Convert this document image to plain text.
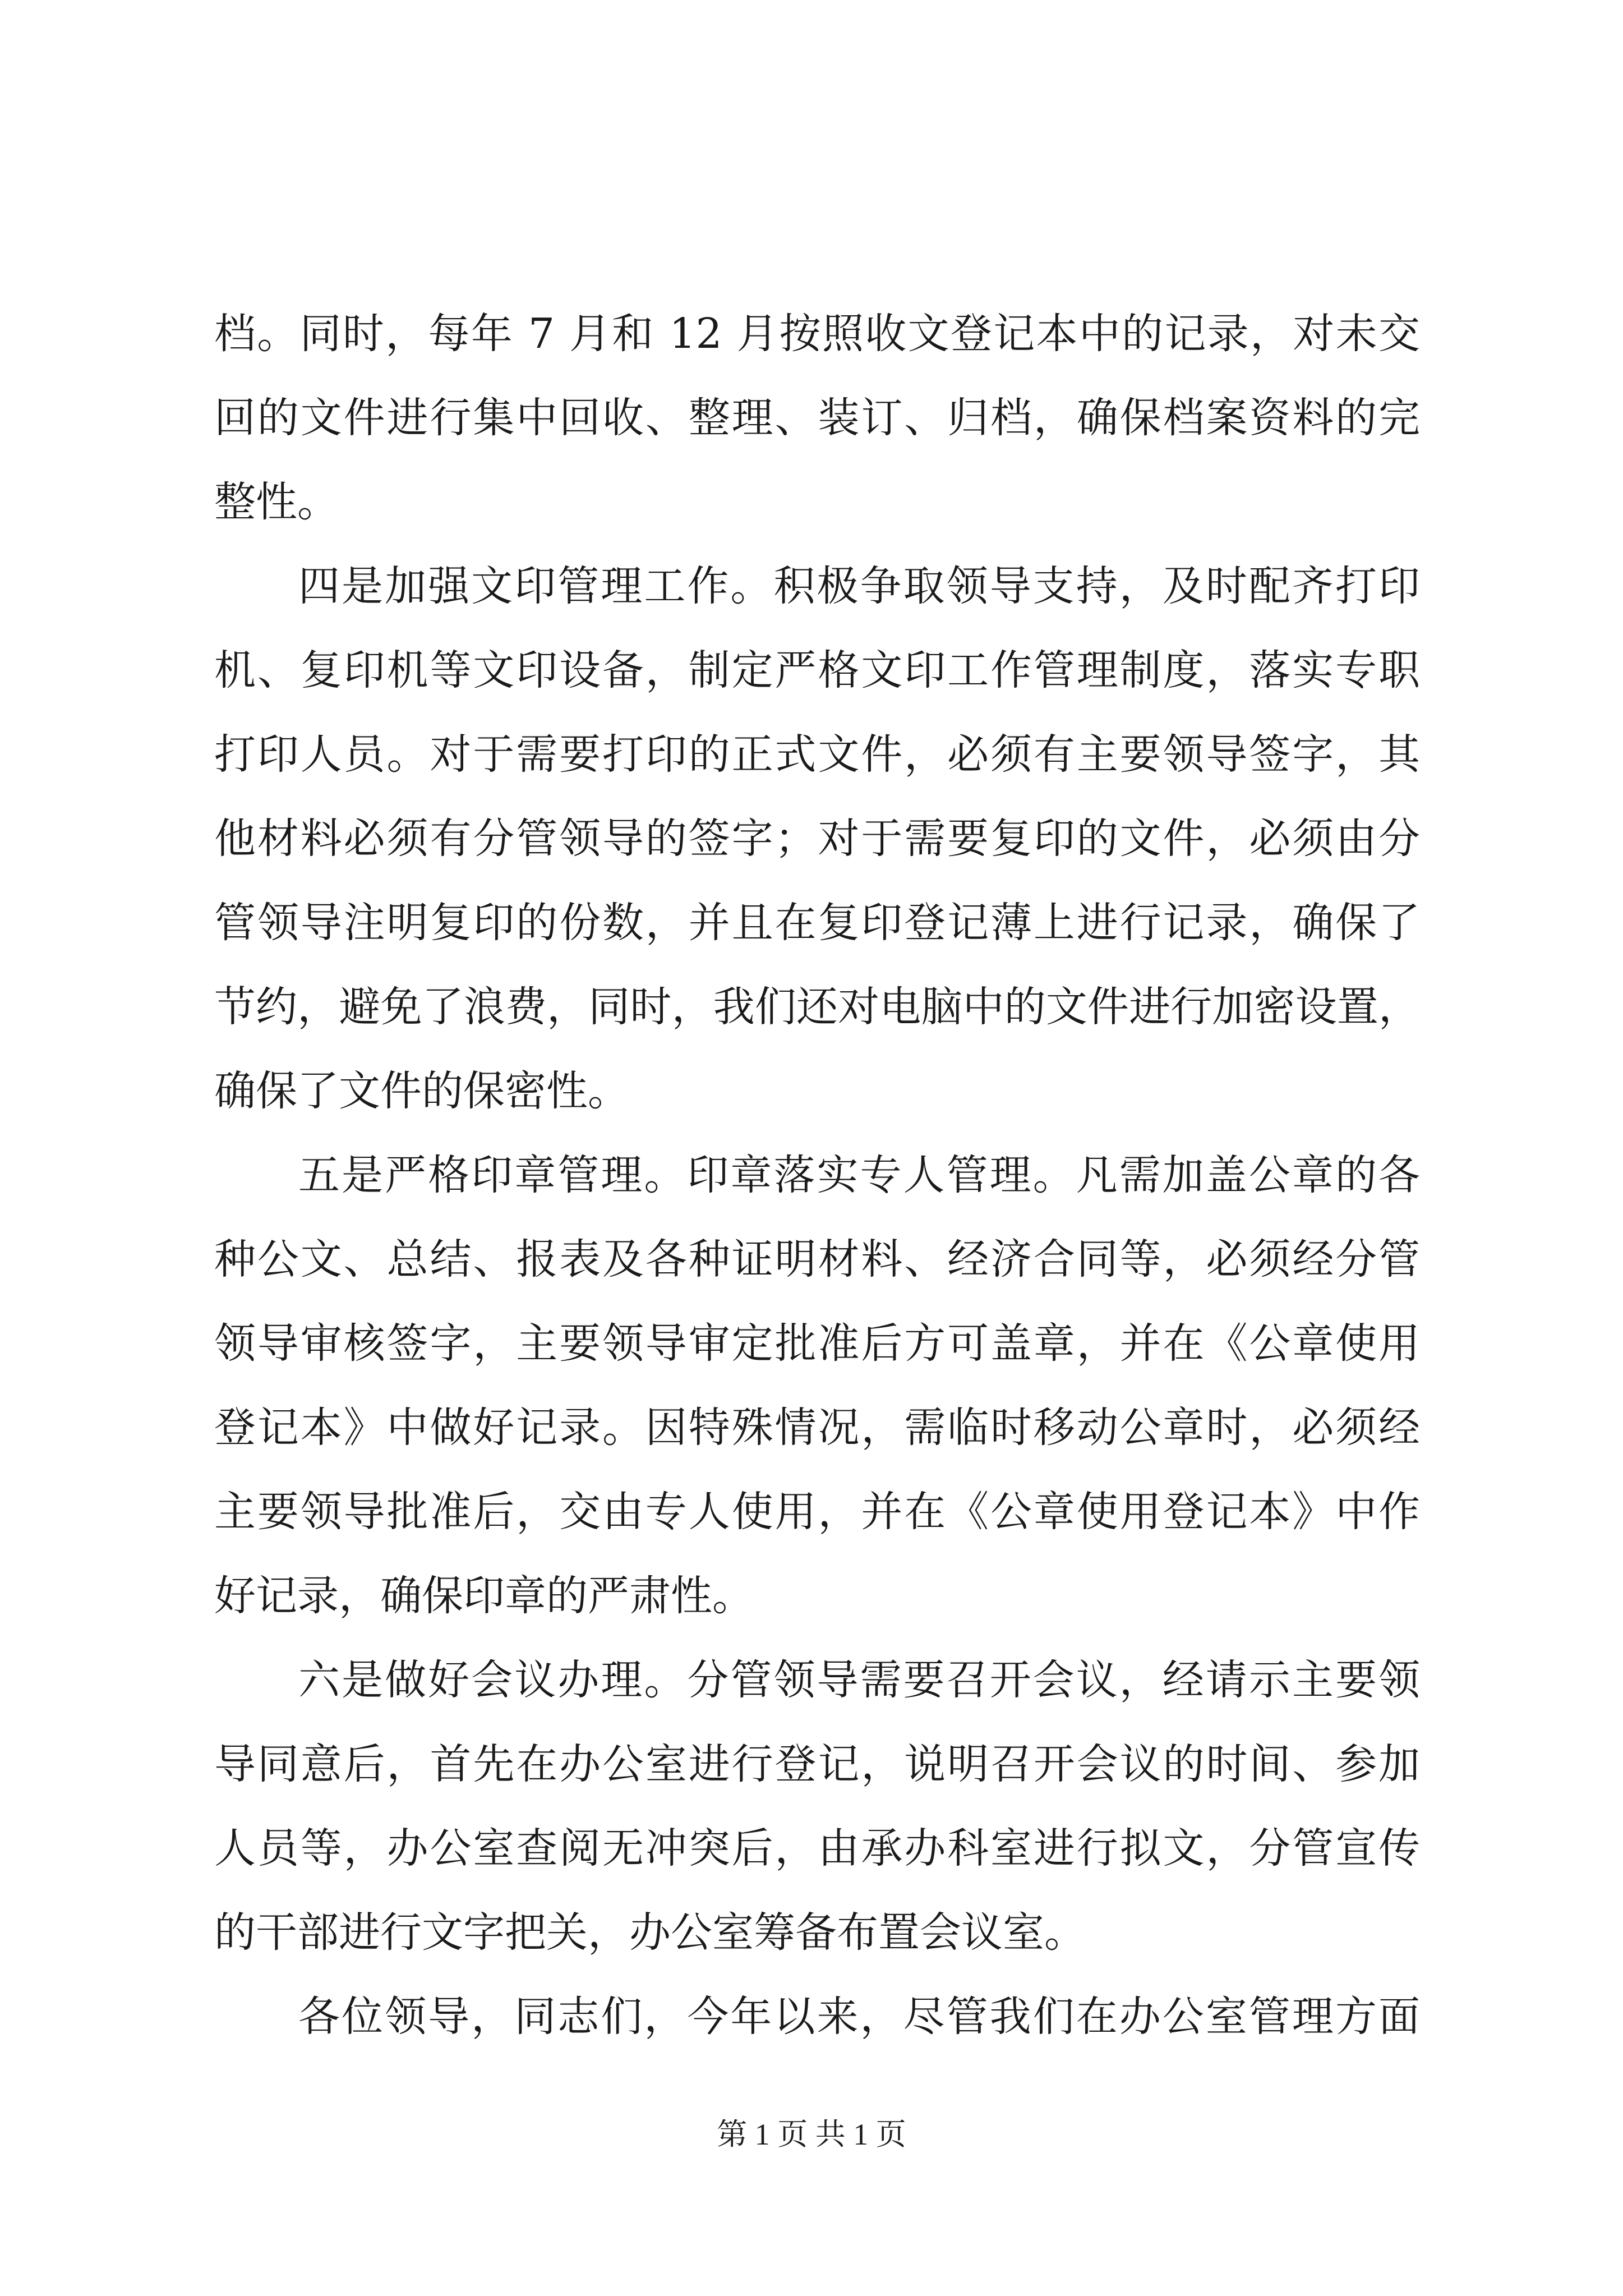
档。同时，每年 7 月和 12 月按照收文登记本中的记录，对未交
回的文件进行集中回收、整理、装订、归档，确保档案资料的完
整性。
四是加强文印管理工作。积极争取领导支持，及时配齐打印
机、复印机等文印设备，制定严格文印工作管理制度，落实专职
打印人员。对于需要打印的正式文件，必须有主要领导签字，其
他材料必须有分管领导的签字；对于需要复印的文件，必须由分
管领导注明复印的份数，并且在复印登记薄上进行记录，确保了
节约，避免了浪费，同时，我们还对电脑中的文件进行加密设置，
确保了文件的保密性。
五是严格印章管理。印章落实专人管理。凡需加盖公章的各
种公文、总结、报表及各种证明材料、经济合同等，必须经分管
领导审核签字，主要领导审定批准后方可盖章，并在《公章使用
登记本》中做好记录。因特殊情况，需临时移动公章时，必须经
主要领导批准后，交由专人使用，并在《公章使用登记本》中作
好记录，确保印章的严肃性。
六是做好会议办理。分管领导需要召开会议，经请示主要领
导同意后，首先在办公室进行登记，说明召开会议的时间、参加
人员等，办公室查阅无冲突后，由承办科室进行拟文，分管宣传
的干部进行文字把关，办公室筹备布置会议室。
各位领导，同志们，今年以来，尽管我们在办公室管理方面
第 1 页 共 1 页
